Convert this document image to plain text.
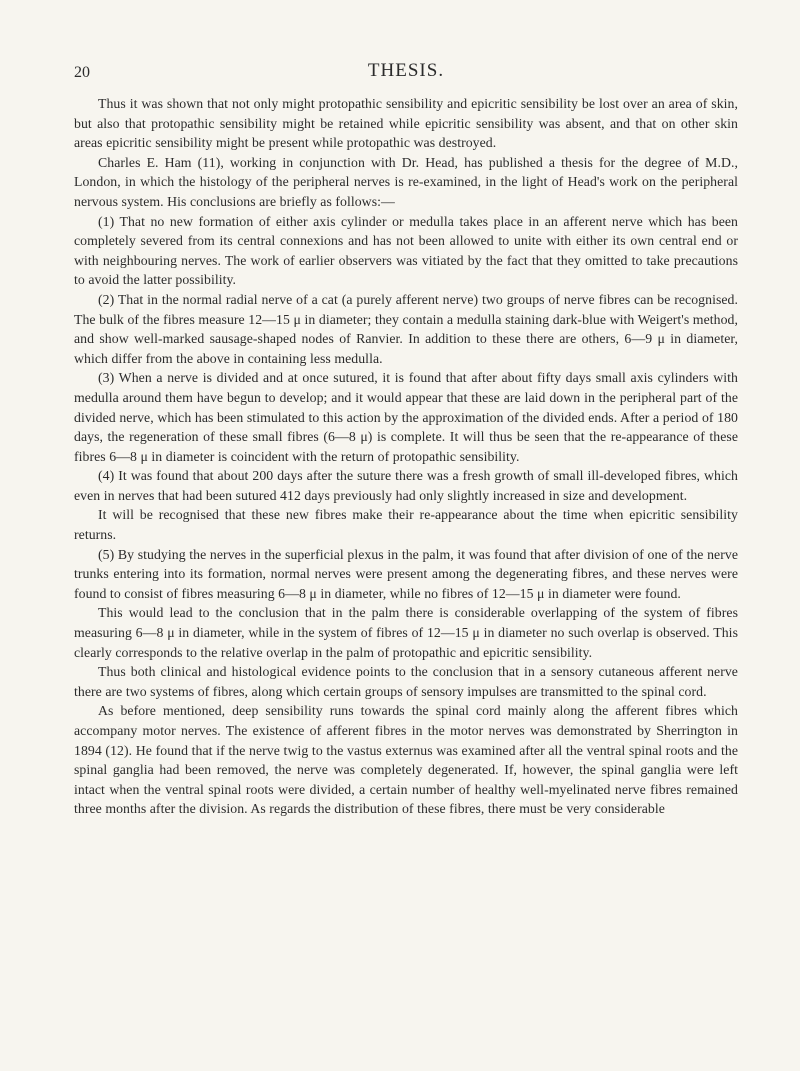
20	THESIS.

Thus it was shown that not only might protopathic sensibility and epicritic sensibility be lost over an area of skin, but also that protopathic sensibility might be retained while epicritic sensibility was absent, and that on other skin areas epicritic sensibility might be present while protopathic was destroyed.

Charles E. Ham (11), working in conjunction with Dr. Head, has published a thesis for the degree of M.D., London, in which the histology of the peripheral nerves is re-examined, in the light of Head's work on the peripheral nervous system. His conclusions are briefly as follows:—

(1) That no new formation of either axis cylinder or medulla takes place in an afferent nerve which has been completely severed from its central connexions and has not been allowed to unite with either its own central end or with neighbouring nerves. The work of earlier observers was vitiated by the fact that they omitted to take precautions to avoid the latter possibility.

(2) That in the normal radial nerve of a cat (a purely afferent nerve) two groups of nerve fibres can be recognised. The bulk of the fibres measure 12—15 μ in diameter; they contain a medulla staining dark-blue with Weigert's method, and show well-marked sausage-shaped nodes of Ranvier. In addition to these there are others, 6—9 μ in diameter, which differ from the above in containing less medulla.

(3) When a nerve is divided and at once sutured, it is found that after about fifty days small axis cylinders with medulla around them have begun to develop; and it would appear that these are laid down in the peripheral part of the divided nerve, which has been stimulated to this action by the approximation of the divided ends. After a period of 180 days, the regeneration of these small fibres (6—8 μ) is complete. It will thus be seen that the re-appearance of these fibres 6—8 μ in diameter is coincident with the return of protopathic sensibility.

(4) It was found that about 200 days after the suture there was a fresh growth of small ill-developed fibres, which even in nerves that had been sutured 412 days previously had only slightly increased in size and development.

It will be recognised that these new fibres make their re-appearance about the time when epicritic sensibility returns.

(5) By studying the nerves in the superficial plexus in the palm, it was found that after division of one of the nerve trunks entering into its formation, normal nerves were present among the degenerating fibres, and these nerves were found to consist of fibres measuring 6—8 μ in diameter, while no fibres of 12—15 μ in diameter were found.

This would lead to the conclusion that in the palm there is considerable overlapping of the system of fibres measuring 6—8 μ in diameter, while in the system of fibres of 12—15 μ in diameter no such overlap is observed. This clearly corresponds to the relative overlap in the palm of protopathic and epicritic sensibility.

Thus both clinical and histological evidence points to the conclusion that in a sensory cutaneous afferent nerve there are two systems of fibres, along which certain groups of sensory impulses are transmitted to the spinal cord.

As before mentioned, deep sensibility runs towards the spinal cord mainly along the afferent fibres which accompany motor nerves. The existence of afferent fibres in the motor nerves was demonstrated by Sherrington in 1894 (12). He found that if the nerve twig to the vastus externus was examined after all the ventral spinal roots and the spinal ganglia had been removed, the nerve was completely degenerated. If, however, the spinal ganglia were left intact when the ventral spinal roots were divided, a certain number of healthy well-myelinated nerve fibres remained three months after the division. As regards the distribution of these fibres, there must be very considerable
